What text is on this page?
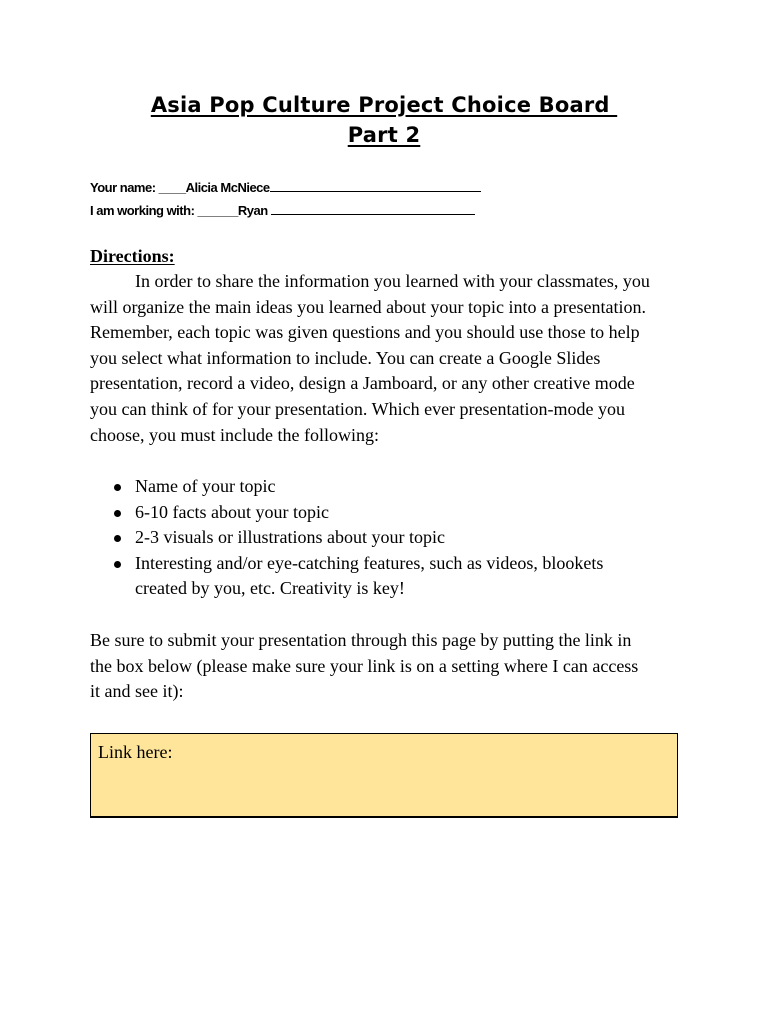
Asia Pop Culture Project Choice Board
Part 2
Your name: ____Alicia McNiece
I am working with: ______Ryan
Directions:

In order to share the information you learned with your classmates, you
will organize the main ideas you learned about your topic into a presentation.
Remember, each topic was given questions and you should use those to help
you select what information to include. You can create a Google Slides
presentation, record a video, design a Jamboard, or any other creative mode
you can think of for your presentation. Which ever presentation-mode you
choose, you must include the following:

Name of your topic
6-10 facts about your topic
2-3 visuals or illustrations about your topic
Interesting and/or eye-catching features, such as videos, blookets
created by you, etc. Creativity is key!

Be sure to submit your presentation through this page by putting the link in
the box below (please make sure your link is on a setting where I can access
it and see it):

Link here:
